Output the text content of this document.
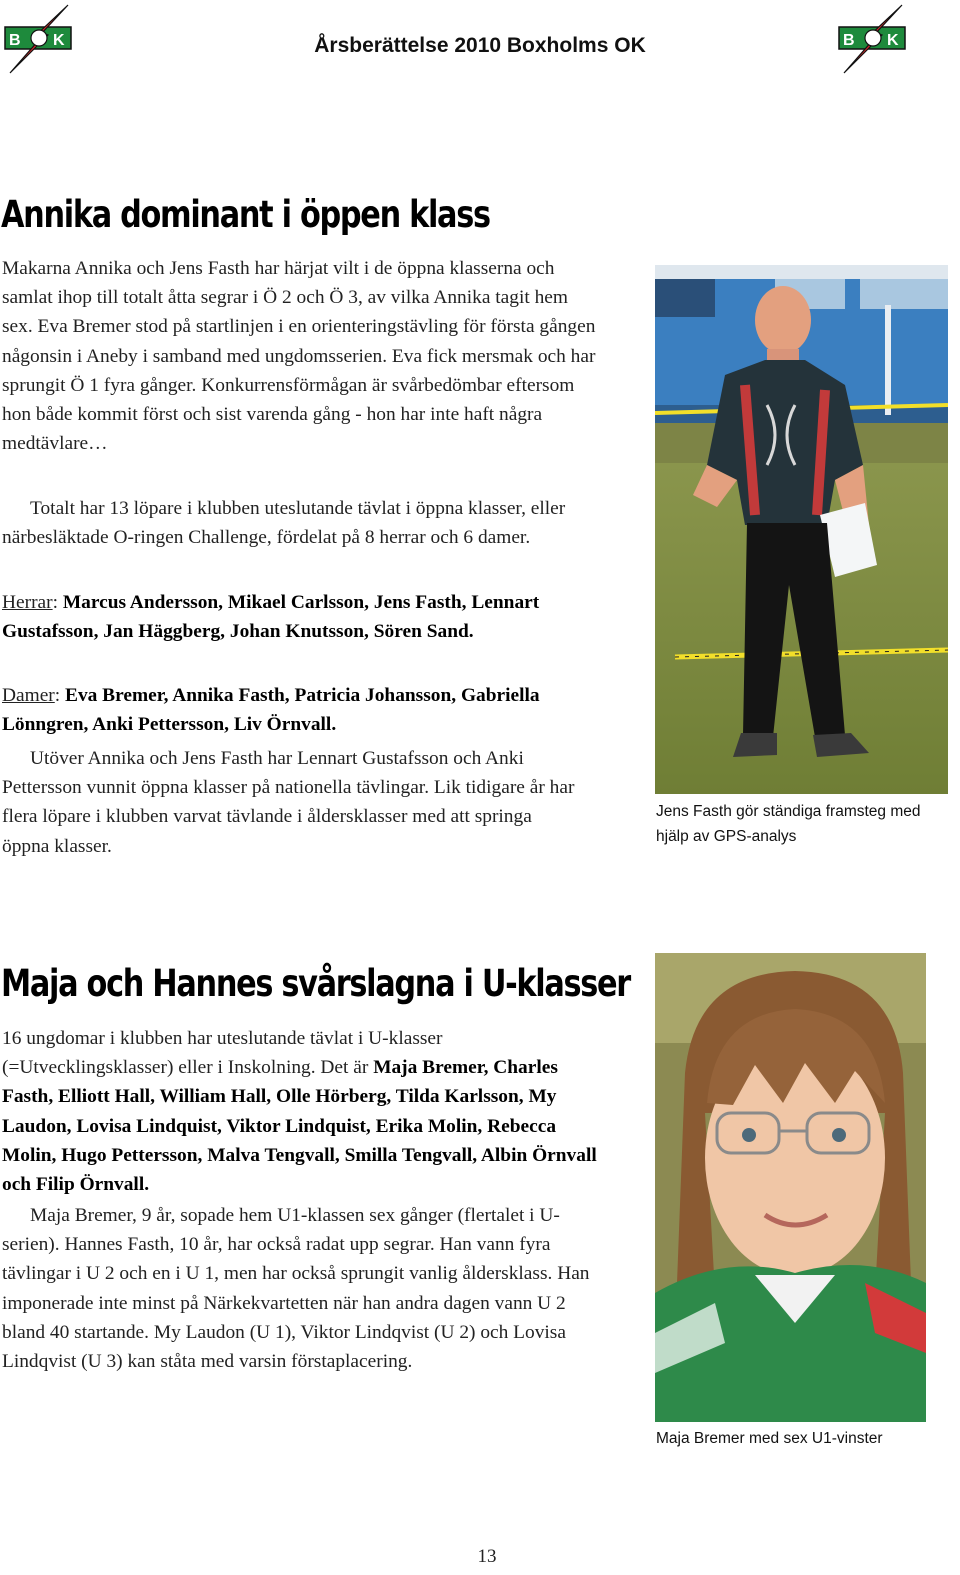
B K	B K
Årsberättelse 2010 Boxholms OK
Annika dominant i öppen klass

Makarna Annika och Jens Fasth har härjat vilt i de öppna klasserna och samlat ihop till totalt åtta segrar i Ö 2 och Ö 3, av vilka Annika tagit hem sex. Eva Bremer stod på startlinjen i en orienteringstävling för första gången någonsin i Aneby i samband med ungdomsserien. Eva fick mersmak och har sprungit Ö 1 fyra gånger. Konkurrensförmågan är svårbedömbar eftersom hon både kommit först och sist varenda gång - hon har inte haft några medtävlare…

Totalt har 13 löpare i klubben uteslutande tävlat i öppna klasser, eller närbesläktade O-ringen Challenge, fördelat på 8 herrar och 6 damer.

Herrar: Marcus Andersson, Mikael Carlsson, Jens Fasth, Lennart Gustafsson, Jan Häggberg, Johan Knutsson, Sören Sand.

Damer: Eva Bremer, Annika Fasth, Patricia Johansson, Gabriella Lönngren, Anki Pettersson, Liv Örnvall.

Utöver Annika och Jens Fasth har Lennart Gustafsson och Anki Pettersson vunnit öppna klasser på nationella tävlingar. Lik tidigare år har flera löpare i klubben varvat tävlande i åldersklasser med att springa öppna klasser.

Jens Fasth gör ständiga framsteg med hjälp av GPS-analys
Maja och Hannes svårslagna i U-klasser

16 ungdomar i klubben har uteslutande tävlat i U-klasser (=Utvecklingsklasser) eller i Inskolning. Det är Maja Bremer, Charles Fasth, Elliott Hall, William Hall, Olle Hörberg, Tilda Karlsson, My Laudon, Lovisa Lindquist, Viktor Lindquist, Erika Molin, Rebecca Molin, Hugo Pettersson, Malva Tengvall, Smilla Tengvall, Albin Örnvall och Filip Örnvall.

Maja Bremer, 9 år, sopade hem U1-klassen sex gånger (flertalet i U-serien). Hannes Fasth, 10 år, har också radat upp segrar. Han vann fyra tävlingar i U 2 och en i U 1, men har också sprungit vanlig åldersklass. Han imponerade inte minst på Närkekvartetten när han andra dagen vann U 2 bland 40 startande. My Laudon (U 1), Viktor Lindqvist (U 2) och Lovisa Lindqvist (U 3) kan ståta med varsin förstaplacering.

Maja Bremer med sex U1-vinster
13
